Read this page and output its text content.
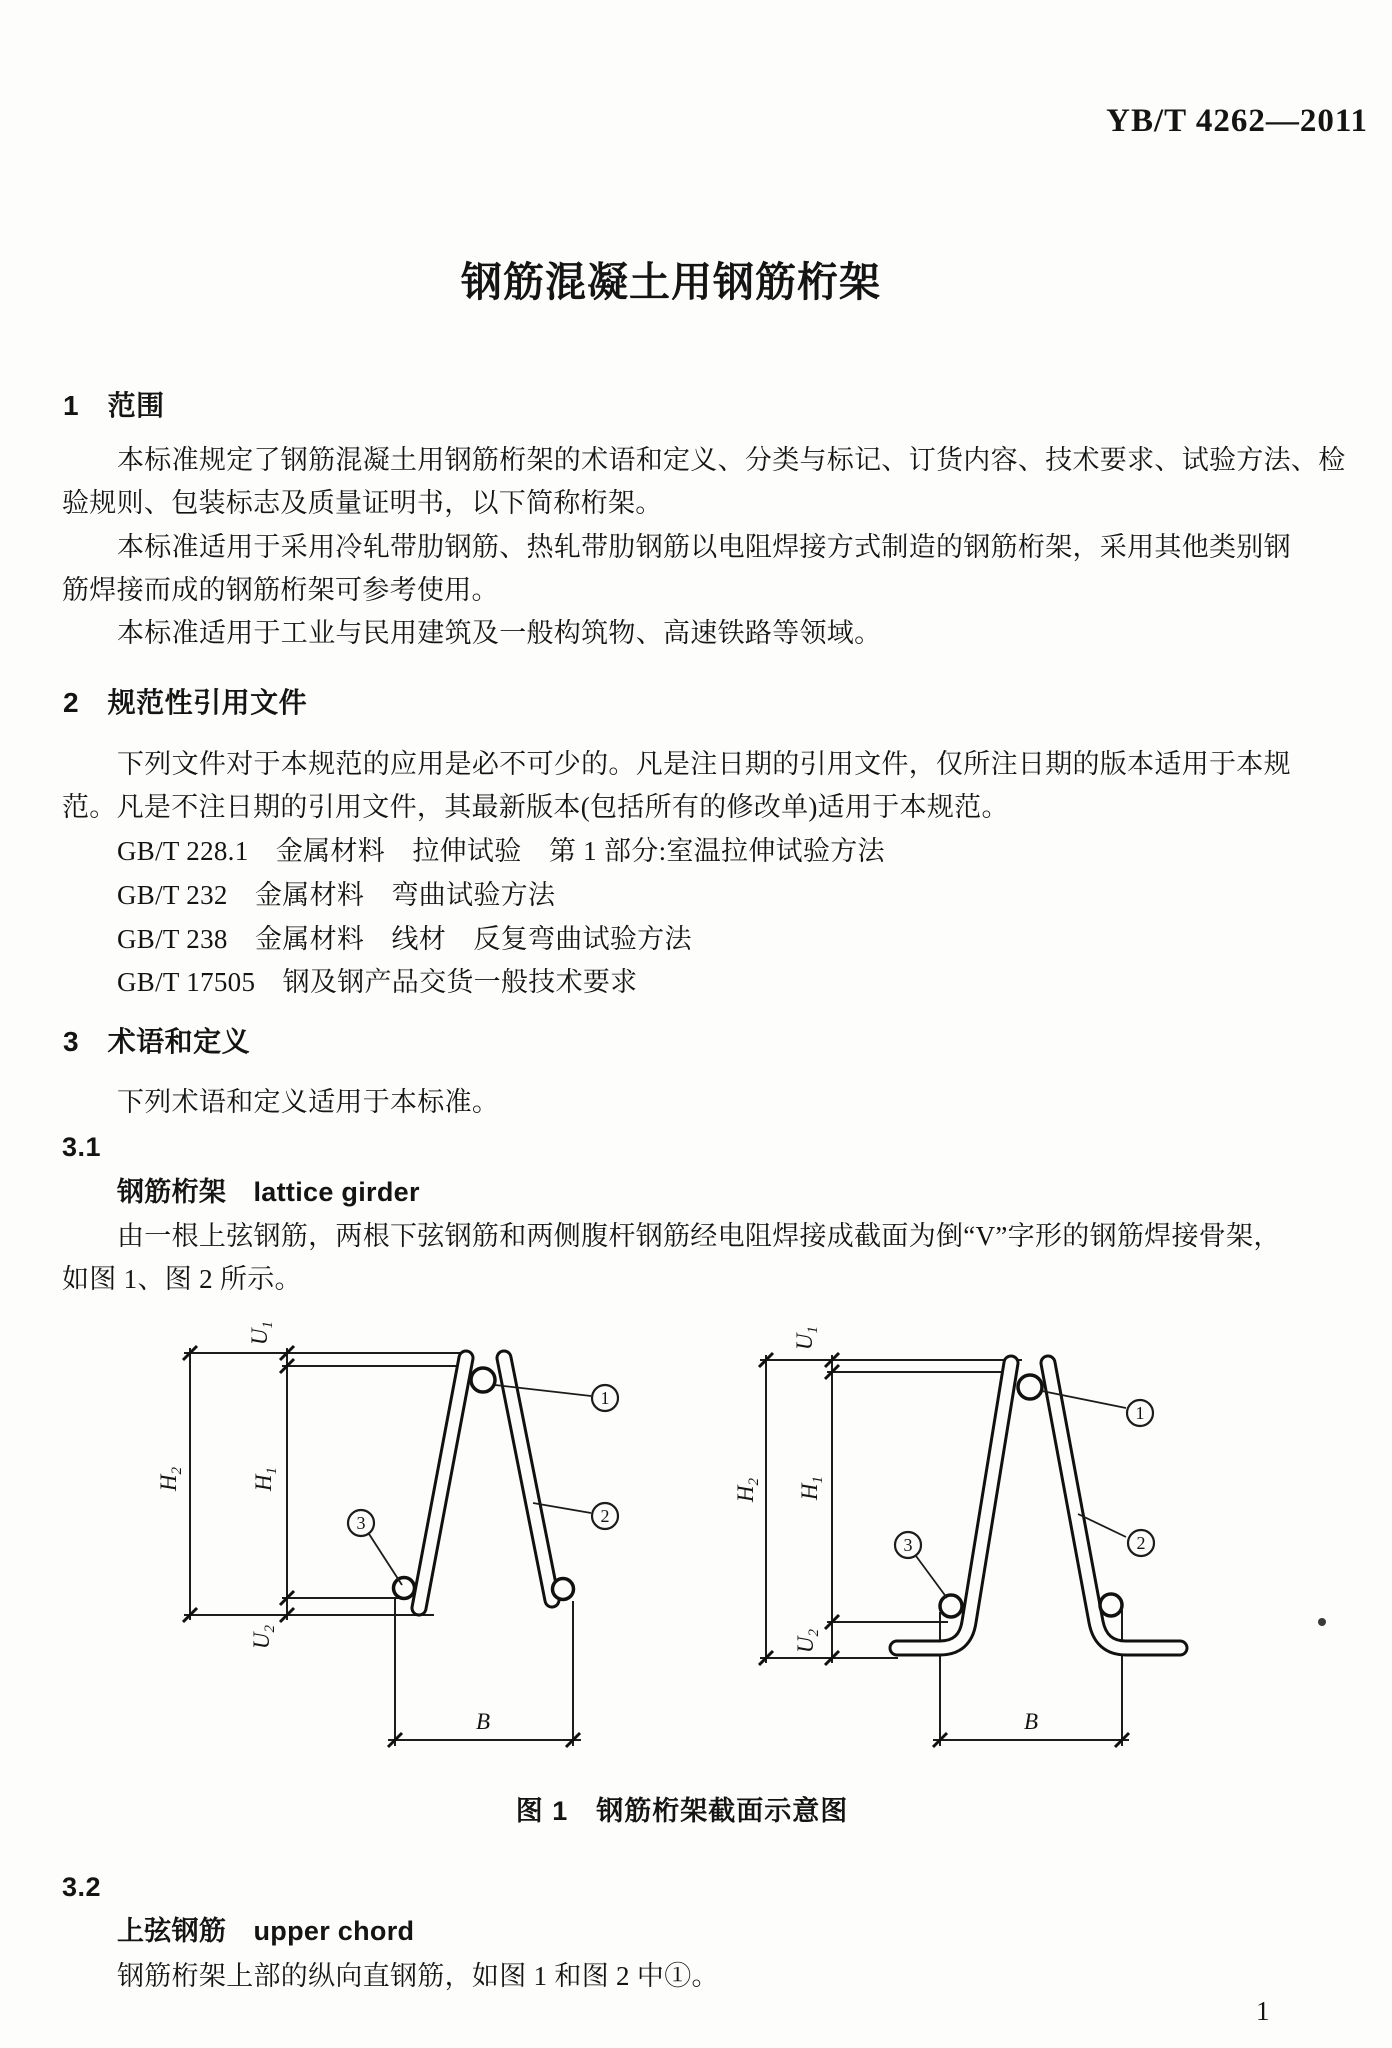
YB/T 4262—2011
钢筋混凝土用钢筋桁架
1　范围
本标准规定了钢筋混凝土用钢筋桁架的术语和定义、分类与标记、订货内容、技术要求、试验方法、检
验规则、包装标志及质量证明书，以下简称桁架。
本标准适用于采用冷轧带肋钢筋、热轧带肋钢筋以电阻焊接方式制造的钢筋桁架，采用其他类别钢
筋焊接而成的钢筋桁架可参考使用。
本标准适用于工业与民用建筑及一般构筑物、高速铁路等领域。
2　规范性引用文件
下列文件对于本规范的应用是必不可少的。凡是注日期的引用文件，仅所注日期的版本适用于本规
范。凡是不注日期的引用文件，其最新版本(包括所有的修改单)适用于本规范。
GB/T 228.1　金属材料　拉伸试验　第 1 部分:室温拉伸试验方法
GB/T 232　金属材料　弯曲试验方法
GB/T 238　金属材料　线材　反复弯曲试验方法
GB/T 17505　钢及钢产品交货一般技术要求
3　术语和定义
下列术语和定义适用于本标准。
3.1
钢筋桁架　lattice girder
由一根上弦钢筋，两根下弦钢筋和两侧腹杆钢筋经电阻焊接成截面为倒“V”字形的钢筋焊接骨架，
如图 1、图 2 所示。
1
2
3
$U_1$
$H_2$
$H_1$
$U_2$
B
1
2
3
$U_1$
$H_2$
$H_1$
$U_2$
B
图 1　钢筋桁架截面示意图
3.2
上弦钢筋　upper chord
钢筋桁架上部的纵向直钢筋，如图 1 和图 2 中①。
1
